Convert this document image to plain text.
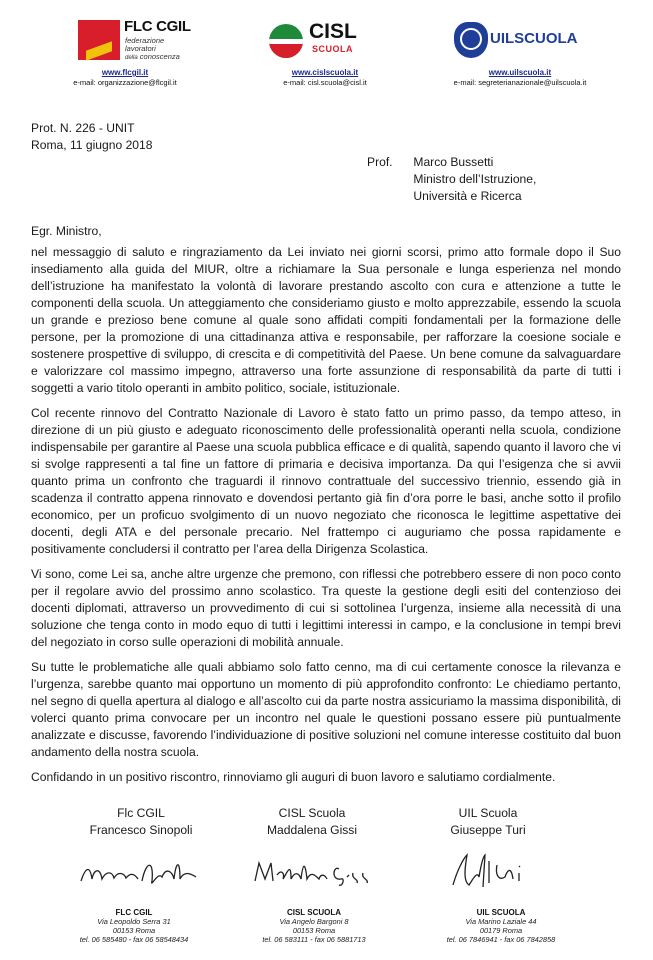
FLC CGIL
federazione
lavoratori
della conoscenza
www.flcgil.it
e-mail: organizzazione@flcgil.it
CISL
SCUOLA
www.cislscuola.it
e-mail: cisl.scuola@cisl.it
UILSCUOLA
www.uilscuola.it
e-mail: segreterianazionale@uilscuola.it
Prot. N. 226 - UNIT
Roma, 11 giugno 2018
Prof. Marco Bussetti
Ministro dell’Istruzione,
Università e Ricerca
Egr. Ministro,

nel messaggio di saluto e ringraziamento da Lei inviato nei giorni scorsi, primo atto formale dopo il Suo insediamento alla guida del MIUR, oltre a richiamare la Sua personale e lunga esperienza nel mondo dell’istruzione ha manifestato la volontà di lavorare prestando ascolto con cura e attenzione a tutte le componenti della scuola. Un atteggiamento che consideriamo giusto e molto apprezzabile, essendo la scuola un grande e prezioso bene comune al quale sono affidati compiti fondamentali per la formazione delle persone, per la promozione di una cittadinanza attiva e responsabile, per rafforzare la coesione sociale e sostenere prospettive di sviluppo, di crescita e di competitività del Paese. Un bene comune da salvaguardare e valorizzare col massimo impegno, attraverso una forte assunzione di responsabilità da parte di tutti i soggetti a vario titolo operanti in ambito politico, sociale, istituzionale.

Col recente rinnovo del Contratto Nazionale di Lavoro è stato fatto un primo passo, da tempo atteso, in direzione di un più giusto e adeguato riconoscimento delle professionalità operanti nella scuola, condizione indispensabile per garantire al Paese una scuola pubblica efficace e di qualità, sapendo quanto il lavoro che vi si svolge rappresenti a tal fine un fattore di primaria e decisiva importanza. Da qui l’esigenza che si avvii quanto prima un confronto che traguardi il rinnovo contrattuale del successivo triennio, essendo già in scadenza il contratto appena rinnovato e dovendosi pertanto già fin d’ora porre le basi, anche sotto il profilo economico, per un proficuo svolgimento di un nuovo negoziato che riconosca le legittime aspettative dei docenti, degli ATA e del personale precario. Nel frattempo ci auguriamo che possa rapidamente e positivamente concludersi il contratto per l’area della Dirigenza Scolastica.

Vi sono, come Lei sa, anche altre urgenze che premono, con riflessi che potrebbero essere di non poco conto per il regolare avvio del prossimo anno scolastico. Tra queste la gestione degli esiti del contenzioso dei docenti diplomati, attraverso un provvedimento di cui si sottolinea l’urgenza, insieme alla necessità di una soluzione che tenga conto in modo equo di tutti i legittimi interessi in campo, e la conclusione in tempi brevi del negoziato in corso sulle operazioni di mobilità annuale.

Su tutte le problematiche alle quali abbiamo solo fatto cenno, ma di cui certamente conosce la rilevanza e l’urgenza, sarebbe quanto mai opportuno un momento di più approfondito confronto: Le chiediamo pertanto, nel segno di quella apertura al dialogo e all’ascolto cui da parte nostra assicuriamo la massima disponibilità, di volerci quanto prima convocare per un incontro nel quale le questioni possano essere più puntualmente analizzate e discusse, favorendo l’individuazione di positive soluzioni nel comune interesse costituito dal buon andamento della nostra scuola.

Confidando in un positivo riscontro, rinnoviamo gli auguri di buon lavoro e salutiamo cordialmente.

Flc CGIL
Francesco Sinopoli
CISL Scuola
Maddalena Gissi
UIL Scuola
Giuseppe Turi
FLC CGIL
Via Leopoldo Serra 31
00153 Roma
tel. 06 585480 - fax 06 58548434
CISL SCUOLA
Via Angelo Bargoni 8
00153 Roma
tel. 06 583111 - fax 06 5881713
UIL SCUOLA
Via Marino Laziale 44
00179 Roma
tel. 06 7846941 - fax 06 7842858
